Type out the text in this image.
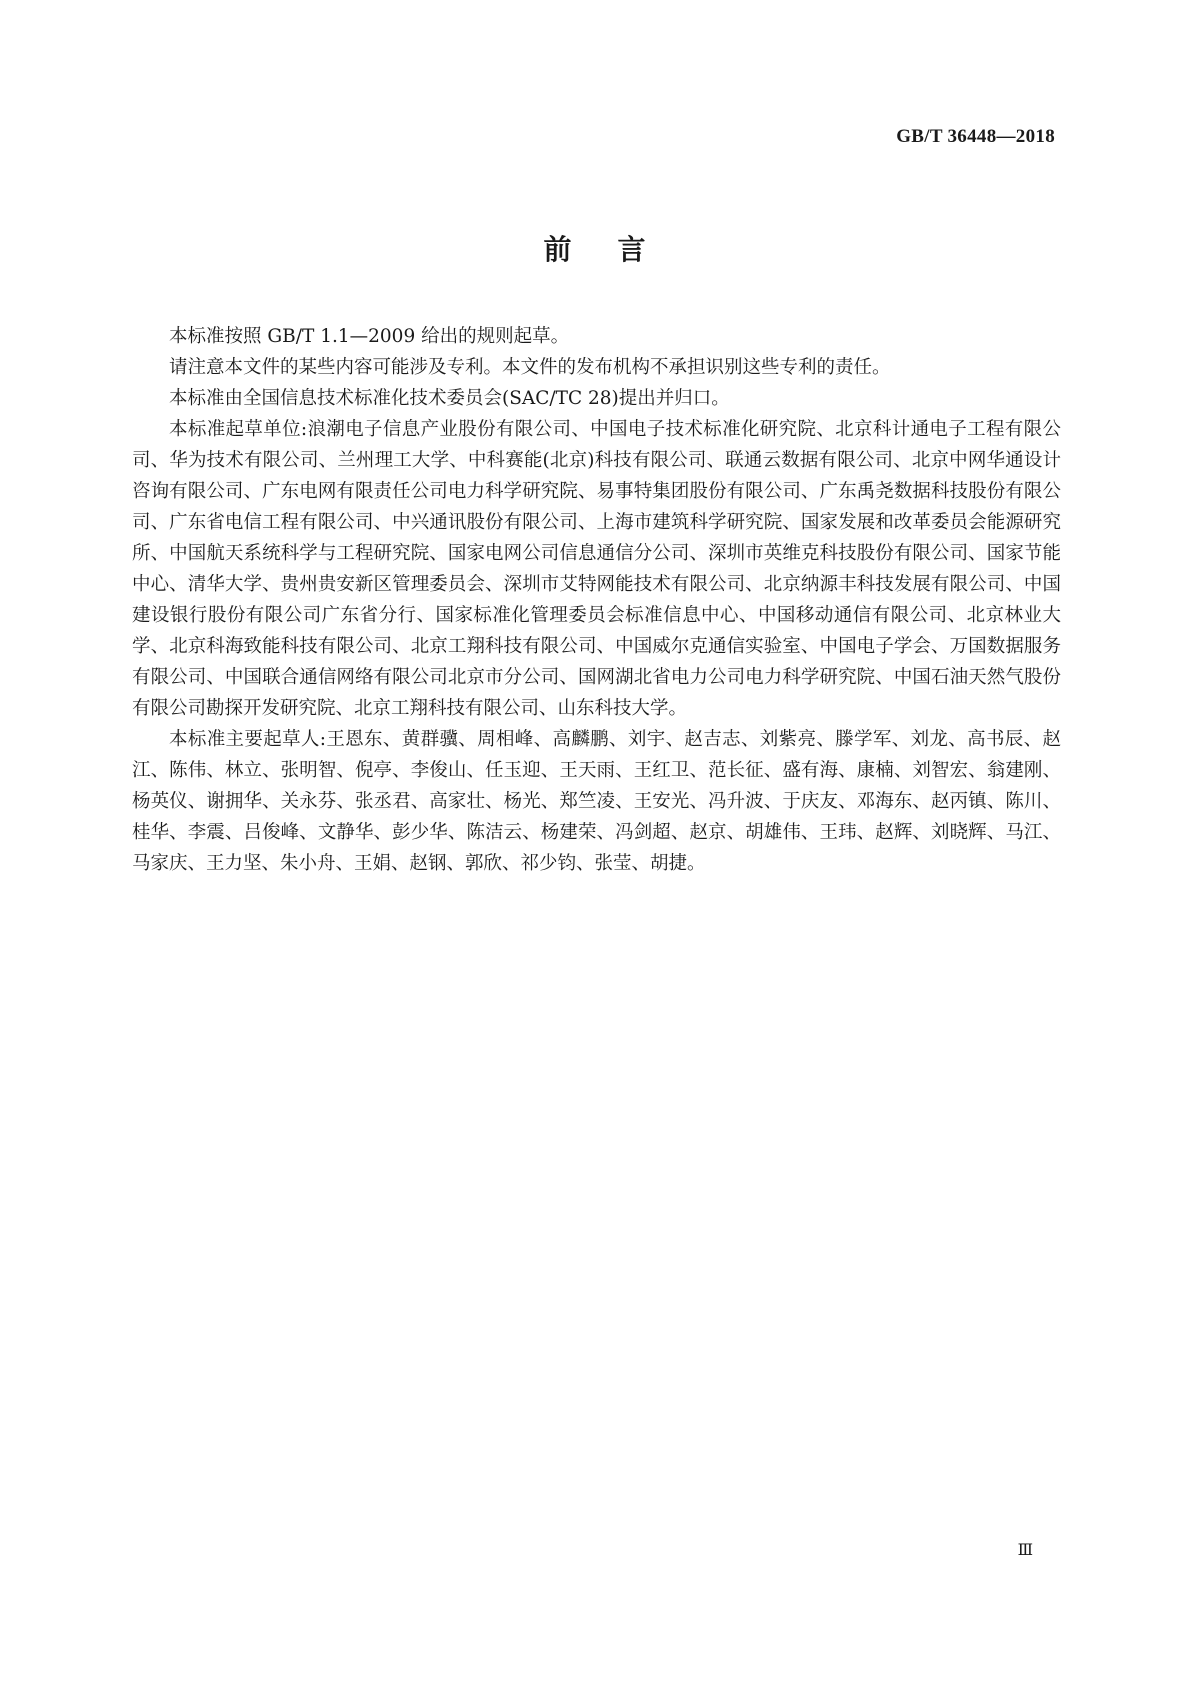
GB/T 36448—2018
前 言

本标准按照 GB/T 1.1—2009 给出的规则起草。

请注意本文件的某些内容可能涉及专利。本文件的发布机构不承担识别这些专利的责任。

本标准由全国信息技术标准化技术委员会(SAC/TC 28)提出并归口。

本标准起草单位:浪潮电子信息产业股份有限公司、中国电子技术标准化研究院、北京科计通电子工程有限公司、华为技术有限公司、兰州理工大学、中科赛能(北京)科技有限公司、联通云数据有限公司、北京中网华通设计咨询有限公司、广东电网有限责任公司电力科学研究院、易事特集团股份有限公司、广东禹尧数据科技股份有限公司、广东省电信工程有限公司、中兴通讯股份有限公司、上海市建筑科学研究院、国家发展和改革委员会能源研究所、中国航天系统科学与工程研究院、国家电网公司信息通信分公司、深圳市英维克科技股份有限公司、国家节能中心、清华大学、贵州贵安新区管理委员会、深圳市艾特网能技术有限公司、北京纳源丰科技发展有限公司、中国建设银行股份有限公司广东省分行、国家标准化管理委员会标准信息中心、中国移动通信有限公司、北京林业大学、北京科海致能科技有限公司、北京工翔科技有限公司、中国威尔克通信实验室、中国电子学会、万国数据服务有限公司、中国联合通信网络有限公司北京市分公司、国网湖北省电力公司电力科学研究院、中国石油天然气股份有限公司勘探开发研究院、北京工翔科技有限公司、山东科技大学。

本标准主要起草人:王恩东、黄群骥、周相峰、高麟鹏、刘宇、赵吉志、刘紫亮、滕学军、刘龙、高书辰、赵江、陈伟、林立、张明智、倪亭、李俊山、任玉迎、王天雨、王红卫、范长征、盛有海、康楠、刘智宏、翁建刚、杨英仪、谢拥华、关永芬、张丞君、高家壮、杨光、郑竺凌、王安光、冯升波、于庆友、邓海东、赵丙镇、陈川、桂华、李震、吕俊峰、文静华、彭少华、陈洁云、杨建荣、冯剑超、赵京、胡雄伟、王玮、赵辉、刘晓辉、马江、马家庆、王力坚、朱小舟、王娟、赵钢、郭欣、祁少钧、张莹、胡捷。

Ⅲ
